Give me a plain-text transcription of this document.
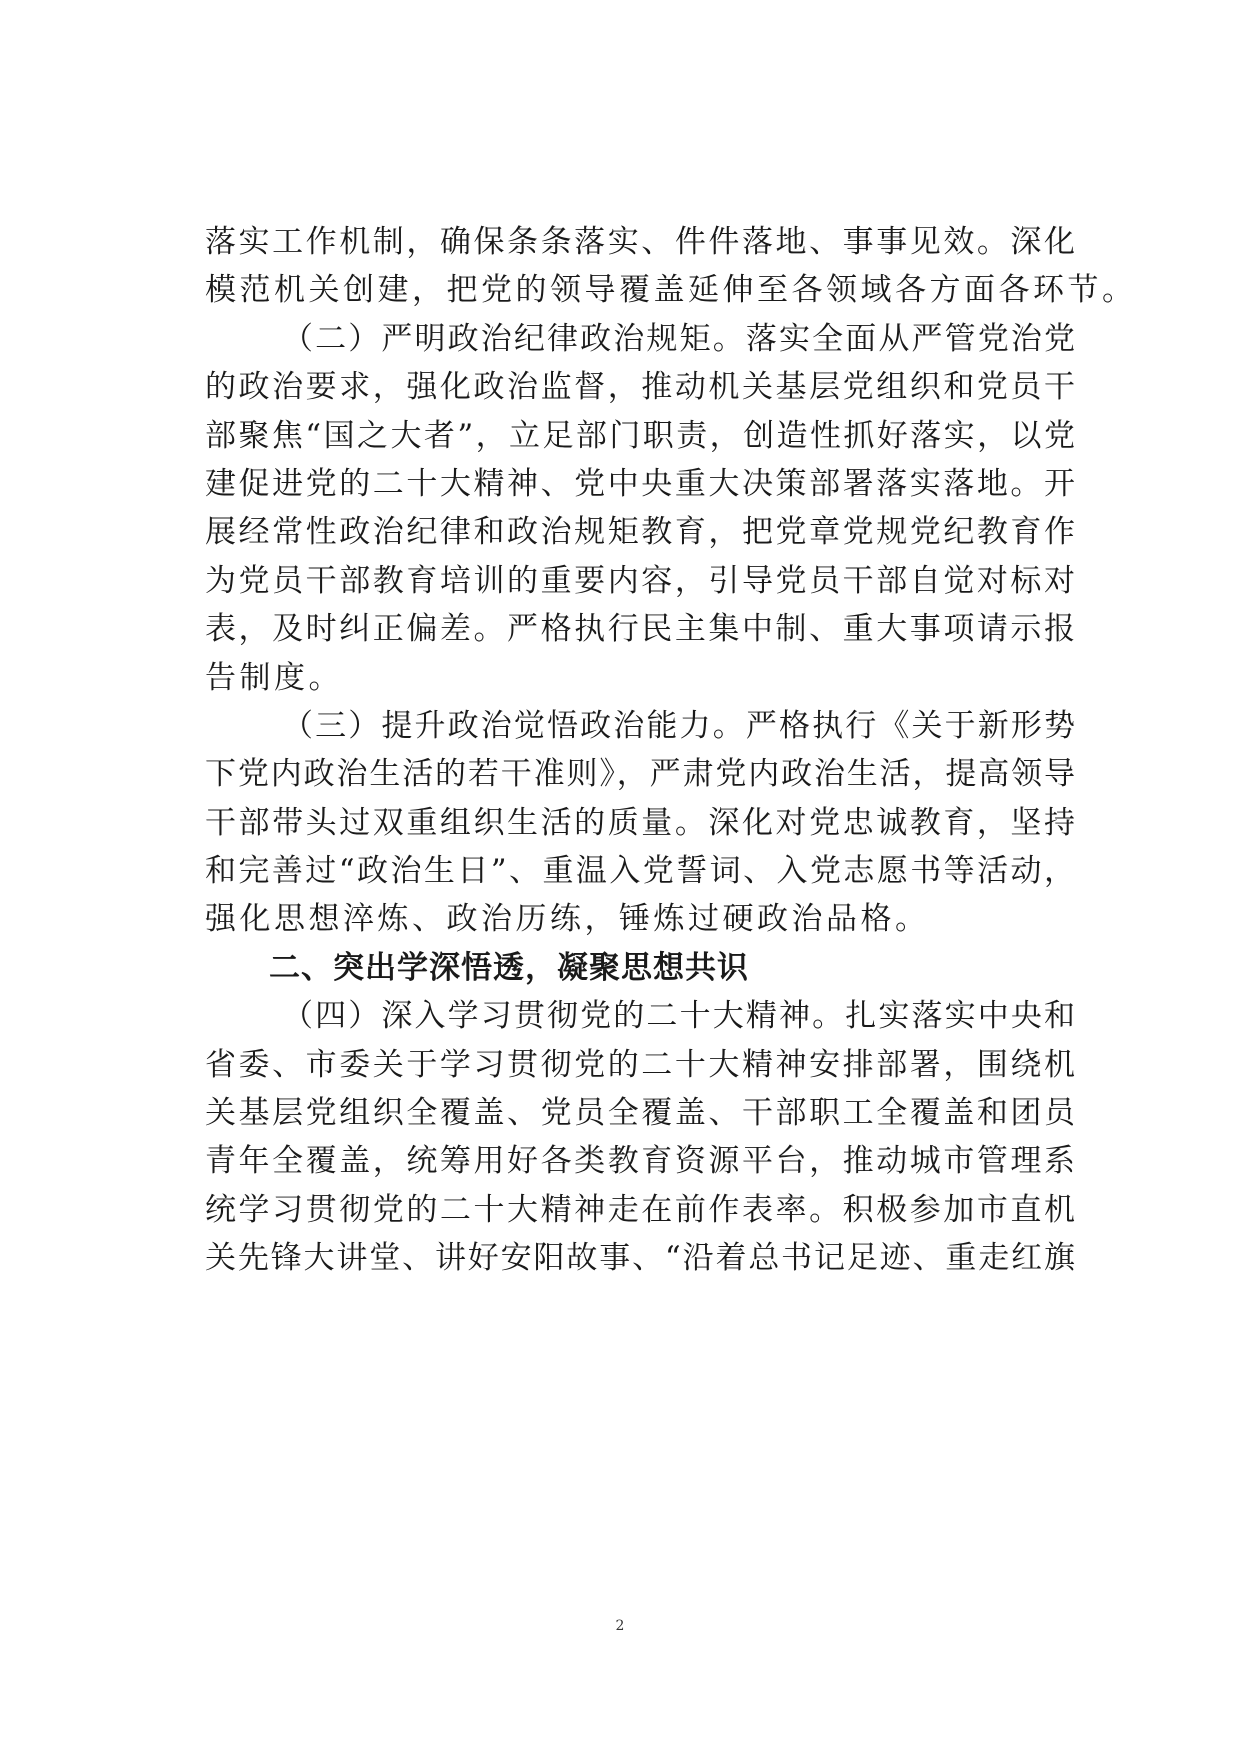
落实工作机制，确保条条落实、件件落地、事事见效。深化
模范机关创建，把党的领导覆盖延伸至各领域各方面各环节。
（二）严明政治纪律政治规矩。落实全面从严管党治党
的政治要求，强化政治监督，推动机关基层党组织和党员干
部聚焦“国之大者”，立足部门职责，创造性抓好落实，以党
建促进党的二十大精神、党中央重大决策部署落实落地。开
展经常性政治纪律和政治规矩教育，把党章党规党纪教育作
为党员干部教育培训的重要内容，引导党员干部自觉对标对
表，及时纠正偏差。严格执行民主集中制、重大事项请示报
告制度。
（三）提升政治觉悟政治能力。严格执行《关于新形势
下党内政治生活的若干准则》，严肃党内政治生活，提高领导
干部带头过双重组织生活的质量。深化对党忠诚教育，坚持
和完善过“政治生日”、重温入党誓词、入党志愿书等活动，
强化思想淬炼、政治历练，锤炼过硬政治品格。
二、突出学深悟透，凝聚思想共识
（四）深入学习贯彻党的二十大精神。扎实落实中央和
省委、市委关于学习贯彻党的二十大精神安排部署，围绕机
关基层党组织全覆盖、党员全覆盖、干部职工全覆盖和团员
青年全覆盖，统筹用好各类教育资源平台，推动城市管理系
统学习贯彻党的二十大精神走在前作表率。积极参加市直机
关先锋大讲堂、讲好安阳故事、“沿着总书记足迹、重走红旗
2
